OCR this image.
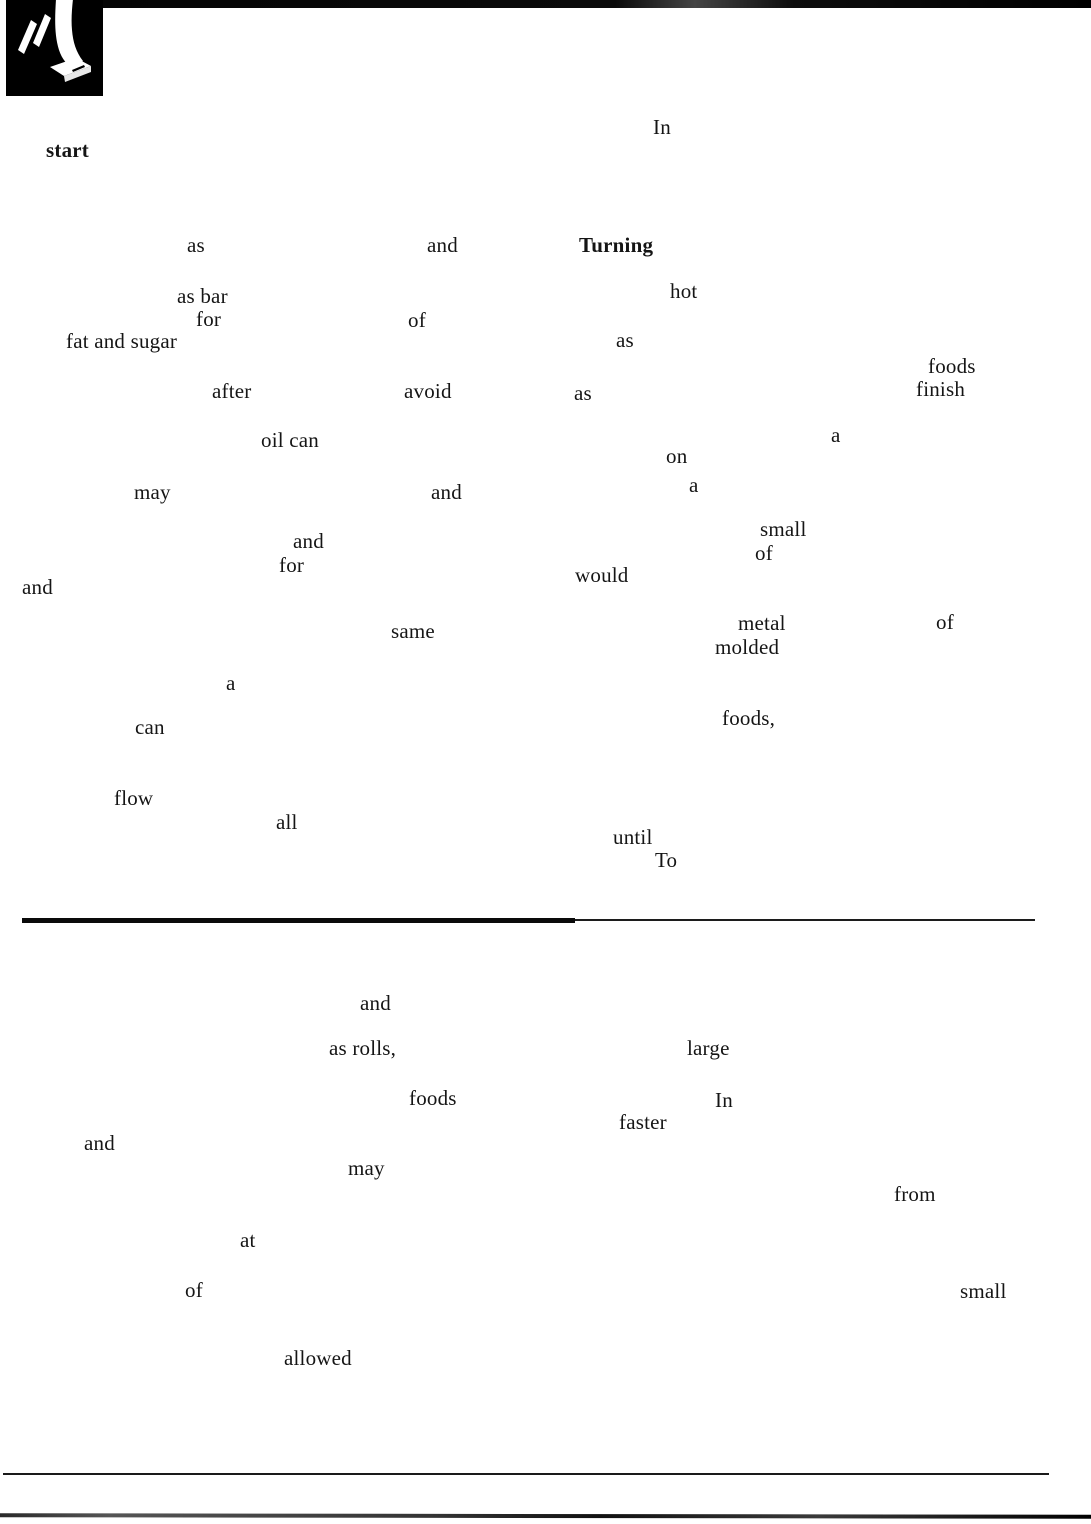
In
start
as	and	Turning
hot
as bar
for	of
as
fat and sugar
foods
finish
after	avoid	as
a
oil can
on
a
may	and
small
and	of
for	would
and
metal	of
same
molded
a
foods,
can
flow
all
until
To
and
as rolls,	large
foods	In
faster
and
may
from
at
of	small
allowed
